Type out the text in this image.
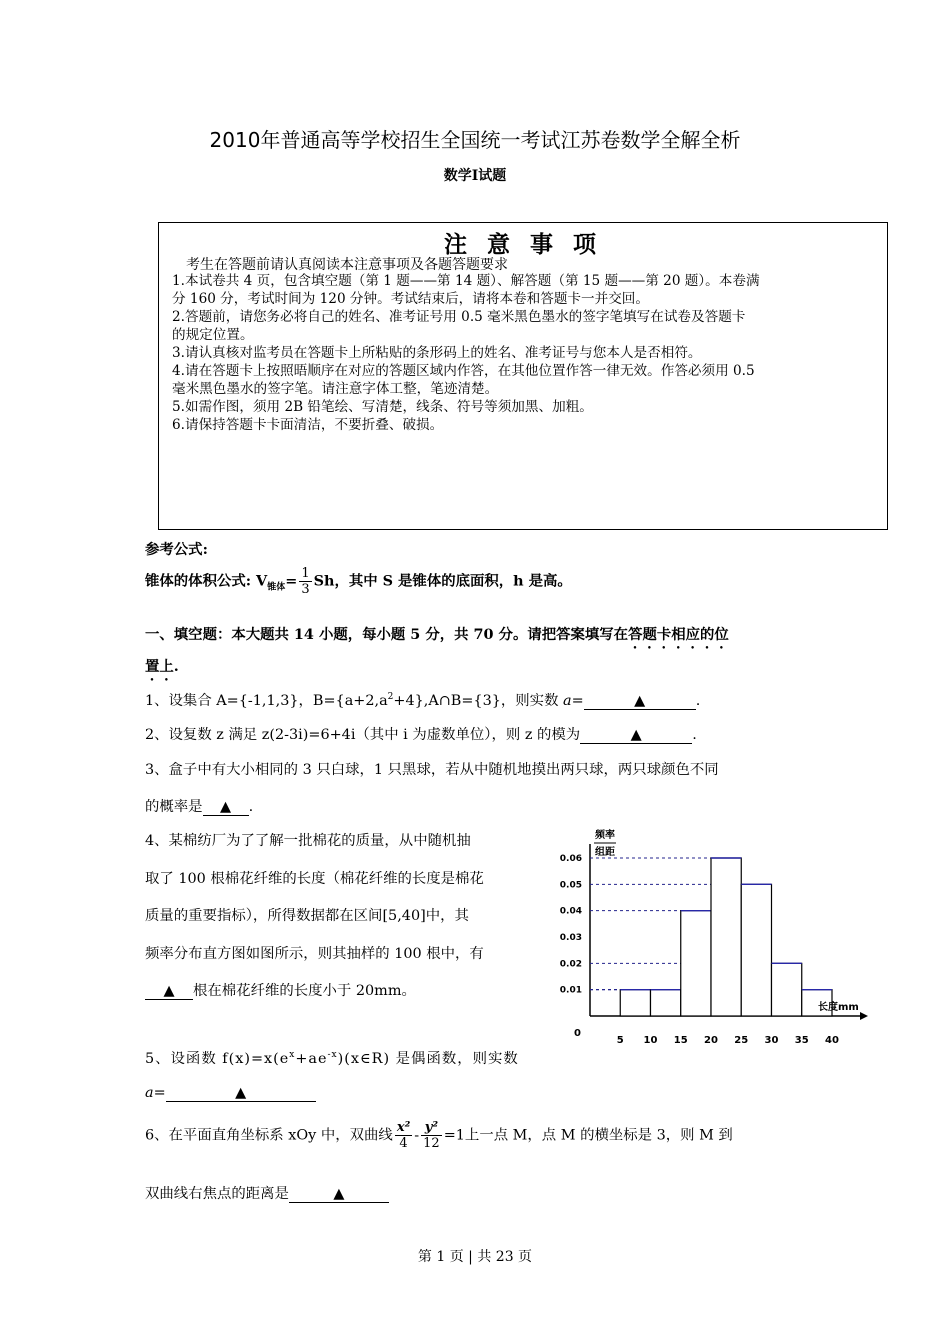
2010年普通高等学校招生全国统一考试江苏卷数学全解全析
数学Ⅰ试题
注 意 事 项
考生在答题前请认真阅读本注意事项及各题答题要求
1.本试卷共 4 页，包含填空题（第 1 题——第 14 题）、解答题（第 15 题——第 20 题）。本卷满
分 160 分，考试时间为 120 分钟。考试结束后，请将本卷和答题卡一并交回。
2.答题前，请您务必将自己的姓名、准考证号用 0.5 毫米黑色墨水的签字笔填写在试卷及答题卡
的规定位置。
3.请认真核对监考员在答题卡上所粘贴的条形码上的姓名、准考证号与您本人是否相符。
4.请在答题卡上按照晤顺序在对应的答题区域内作答，在其他位置作答一律无效。作答必须用 0.5
毫米黑色墨水的签字笔。请注意字体工整，笔迹清楚。
5.如需作图，须用 2B 铅笔绘、写清楚，线条、符号等须加黑、加粗。
6.请保持答题卡卡面清洁，不要折叠、破损。
参考公式:
锥体的体积公式: $V_{锥体}= \frac{1}{3}$ Sh，其中 S 是锥体的底面积，h 是高。
一、填空题：本大题共 14 小题，每小题 5 分，共 70 分。请把答案填写在答题卡相应的位
置上.
1、设集合 A={-1,1,3}，$B=\{a+2,a^2+4\},A\cap B=\{3\}$，则实数 a=	▲	.
2、设复数 z 满足 z(2-3i)=6+4i（其中 i 为虚数单位），则 z 的模为	▲	.
3、盒子中有大小相同的 3 只白球，1 只黑球，若从中随机地摸出两只球，两只球颜色不同
的概率是 ▲ .
4、某棉纺厂为了了解一批棉花的质量，从中随机抽
取了 100 根棉花纤维的长度（棉花纤维的长度是棉花
质量的重要指标），所得数据都在区间[5,40]中，其
频率分布直方图如图所示，则其抽样的 100 根中，有
▲ 根在棉花纤维的长度小于 20mm。
0.06
0.05
0.04
0.03
0.02
0.01
5 10 15 20 25 30 35 40
0
频率
组距
长度mm
5、设函数 $f(x)=x(e^x+ae^{-x})(x\in R)$ 是偶函数，则实数
a=	▲
6、在平面直角坐标系 xOy 中，双曲线 $\frac{\text{x²}}{4} - \frac{\text{y²}}{12} =1$上一点 M，点 M 的横坐标是 3，则 M 到
双曲线右焦点的距离是	▲
第 1 页 | 共 23 页
